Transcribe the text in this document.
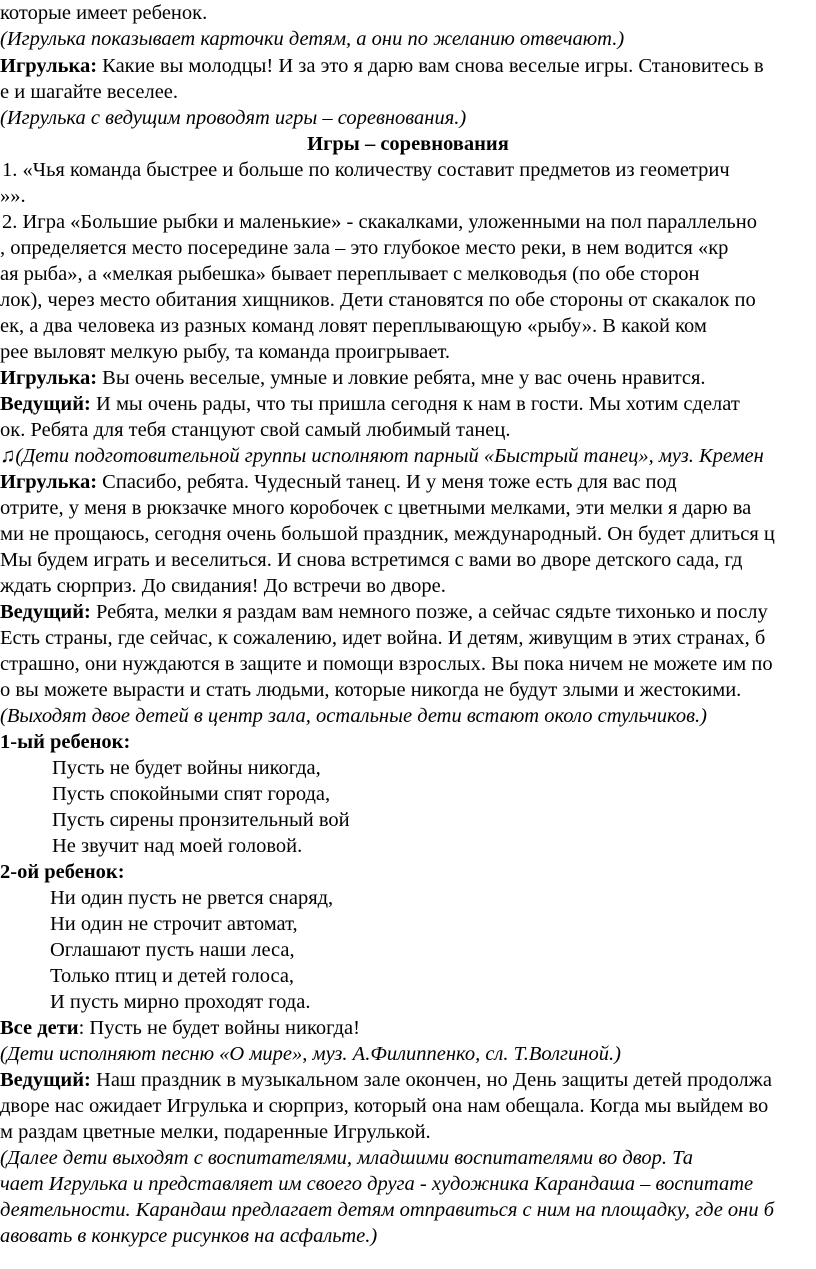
которые имеет ребенок.
(Игрулька показывает карточки детям, а они по желанию отвечают.)
Игрулька: Какие вы молодцы! И за это я дарю вам снова веселые игры. Становитесь в
е и шагайте веселее.
(Игрулька с ведущим проводят игры – соревнования.)
Игры – соревнования
1. «Чья команда быстрее и больше по количеству составит предметов из геометрич
»».
2. Игра «Большие рыбки и маленькие» - скакалками, уложенными на пол параллельно
, определяется место посередине зала – это глубокое место реки, в нем водится «кр
ая рыба», а «мелкая рыбешка» бывает переплывает с мелководья (по обе сторон
лок), через место обитания хищников. Дети становятся по обе стороны от скакалок по
ек, а два человека из разных команд ловят переплывающую «рыбу». В какой ком
рее выловят мелкую рыбу, та команда проигрывает.
Игрулька: Вы очень веселые, умные и ловкие ребята, мне у вас очень нравится.
Ведущий: И мы очень рады, что ты пришла сегодня к нам в гости. Мы хотим сделат
ок. Ребята для тебя станцуют свой самый любимый танец.
♫(Дети подготовительной группы исполняют парный «Быстрый танец», муз. Кремен
Игрулька: Спасибо, ребята. Чудесный танец. И у меня тоже есть для вас под
отрите, у меня в рюкзачке много коробочек с цветными мелками, эти мелки я дарю ва
ми не прощаюсь, сегодня очень большой праздник, международный. Он будет длиться ц
Мы будем играть и веселиться. И снова встретимся с вами во дворе детского сада, гд
ждать сюрприз. До свидания! До встречи во дворе.
Ведущий: Ребята, мелки я раздам вам немного позже, а сейчас сядьте тихонько и послу
Есть страны, где сейчас, к сожалению, идет война. И детям, живущим в этих странах, б
страшно, они нуждаются в защите и помощи взрослых. Вы пока ничем не можете им по
о вы можете вырасти и стать людьми, которые никогда не будут злыми и жестокими.
(Выходят двое детей в центр зала, остальные дети встают около стульчиков.)
1-ый ребенок:
Пусть не будет войны никогда,
Пусть спокойными спят города,
Пусть сирены пронзительный вой
Не звучит над моей головой.
2-ой ребенок:
Ни один пусть не рвется снаряд,
Ни один не строчит автомат,
Оглашают пусть наши леса,
Только птиц и детей голоса,
И пусть мирно проходят года.
Все дети: Пусть не будет войны никогда!
(Дети исполняют песню «О мире», муз. А.Филиппенко, сл. Т.Волгиной.)
Ведущий: Наш праздник в музыкальном зале окончен, но День защиты детей продолжа
дворе нас ожидает Игрулька и сюрприз, который она нам обещала. Когда мы выйдем во
м раздам цветные мелки, подаренные Игрулькой.
(Далее дети выходят с воспитателями, младшими воспитателями во двор. Та
чает Игрулька и представляет им своего друга - художника Карандаша – воспитате
деятельности. Карандаш предлагает детям отправиться с ним на площадку, где они б
авовать в конкурсе рисунков на асфальте.)
